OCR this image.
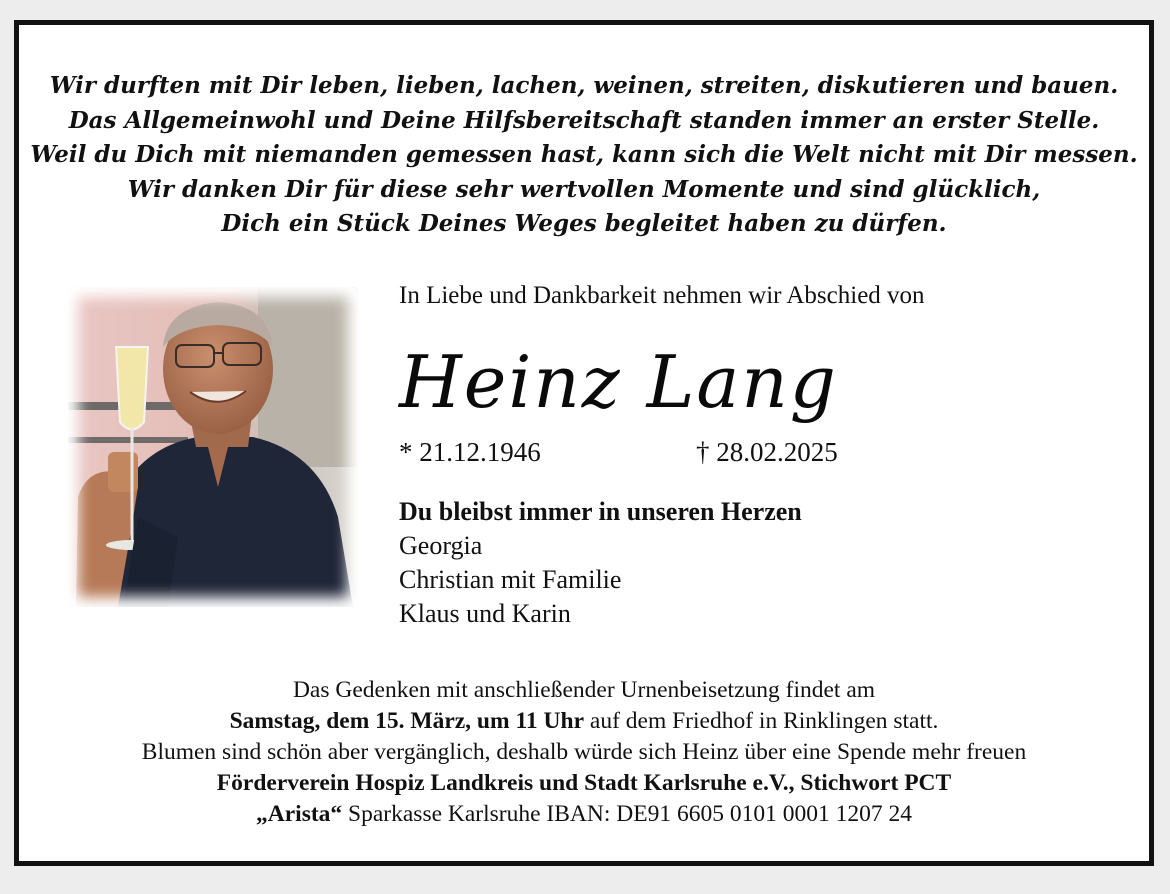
Wir durften mit Dir leben, lieben, lachen, weinen, streiten, diskutieren und bauen.
Das Allgemeinwohl und Deine Hilfsbereitschaft standen immer an erster Stelle.
Weil du Dich mit niemanden gemessen hast, kann sich die Welt nicht mit Dir messen.
Wir danken Dir für diese sehr wertvollen Momente und sind glücklich,
Dich ein Stück Deines Weges begleitet haben zu dürfen.
In Liebe und Dankbarkeit nehmen wir Abschied von
Heinz Lang
* 21.12.1946	† 28.02.2025
Du bleibst immer in unseren Herzen
Georgia
Christian mit Familie
Klaus und Karin
Das Gedenken mit anschließender Urnenbeisetzung findet am
Samstag, dem 15. März, um 11 Uhr auf dem Friedhof in Rinklingen statt.
Blumen sind schön aber vergänglich, deshalb würde sich Heinz über eine Spende mehr freuen
Förderverein Hospiz Landkreis und Stadt Karlsruhe e.V., Stichwort PCT
„Arista“ Sparkasse Karlsruhe IBAN: DE91 6605 0101 0001 1207 24
